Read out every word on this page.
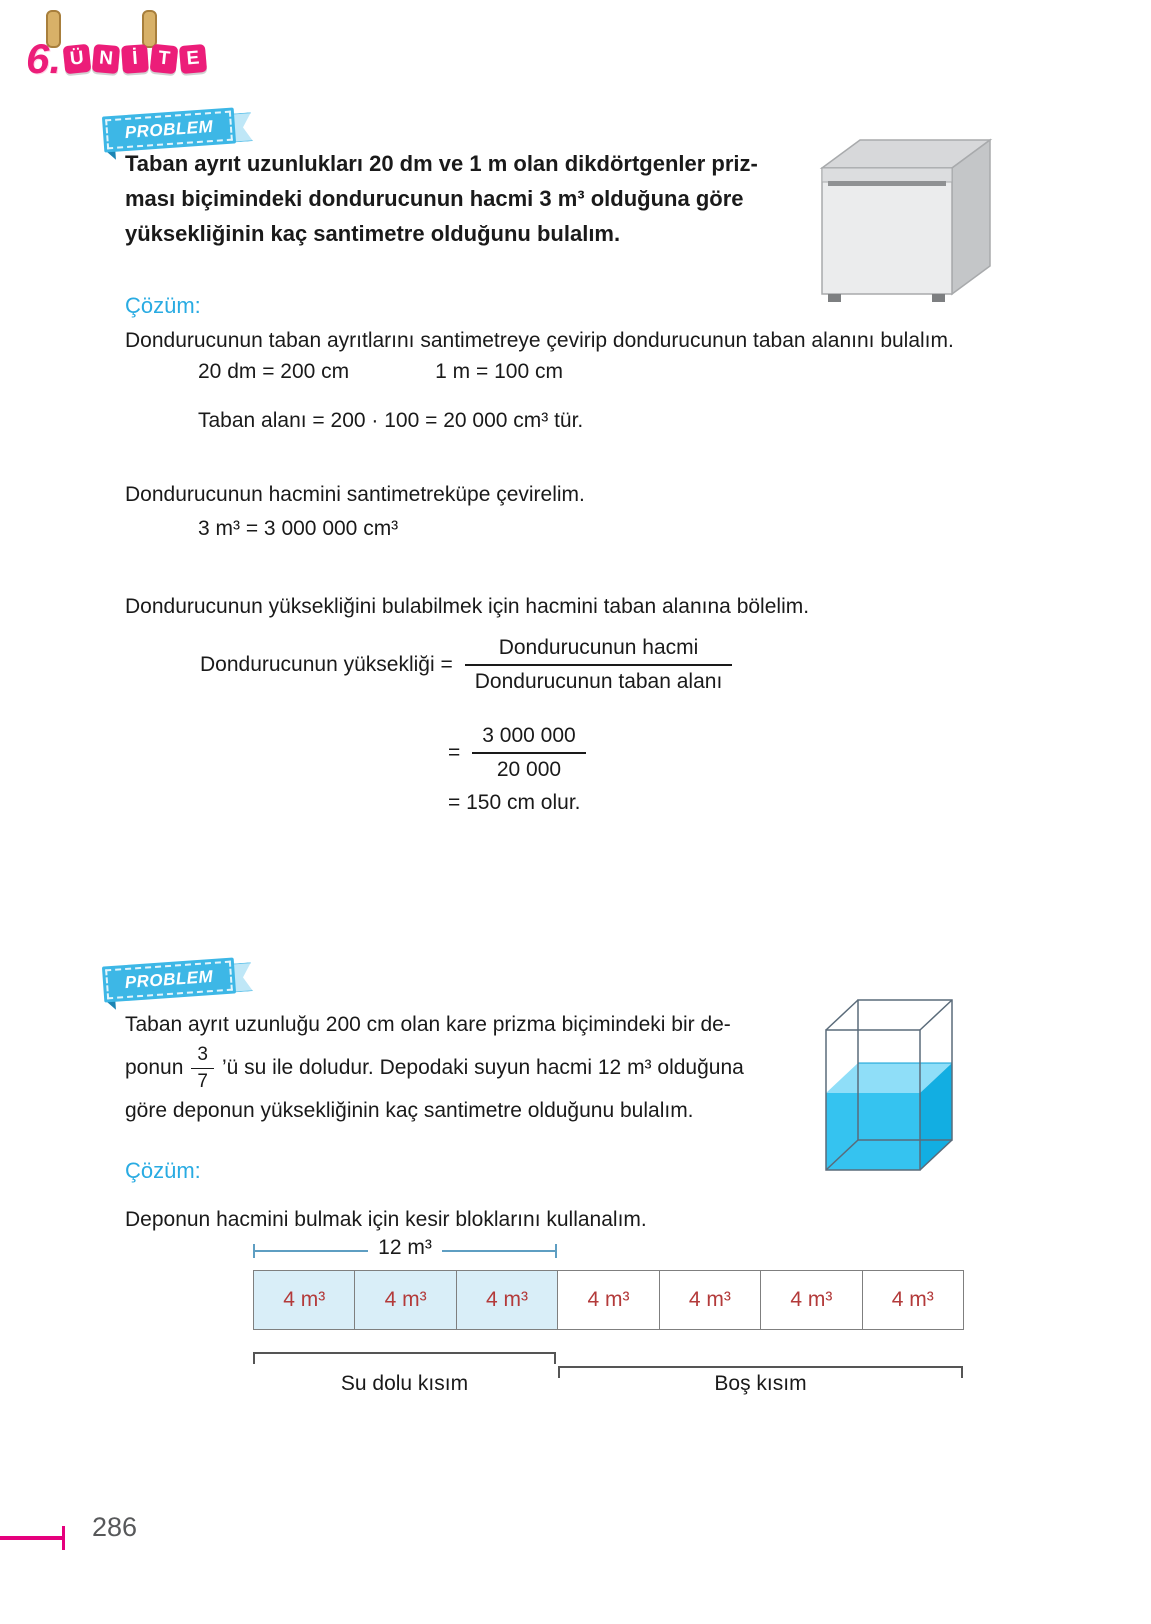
6. Ü N İ T E
PROBLEM
Taban ayrıt uzunlukları 20 dm ve 1 m olan dikdörtgenler priz-
ması biçimindeki dondurucunun hacmi 3 m³ olduğuna göre
yüksekliğinin kaç santimetre olduğunu bulalım.
Çözüm:
Dondurucunun taban ayrıtlarını santimetreye çevirip dondurucunun taban alanını bulalım.
20 dm = 200 cm	1 m = 100 cm
Taban alanı = 200 · 100 = 20 000 cm³ tür.
Dondurucunun hacmini santimetreküpe çevirelim.
3 m³ = 3 000 000 cm³
Dondurucunun yüksekliğini bulabilmek için hacmini taban alanına bölelim.
Dondurucunun yüksekliği = $\frac{\text{Dondurucunun hacmi}}{\text{Dondurucunun taban alanı}}$
= $\frac{3 000 000}{20 000}$
= 150 cm olur.
PROBLEM
Taban ayrıt uzunluğu 200 cm olan kare prizma biçimindeki bir de-
ponun $\frac{3}{7}$ ’ü su ile doludur. Depodaki suyun hacmi 12 m³ olduğuna
göre deponun yüksekliğinin kaç santimetre olduğunu bulalım.
Çözüm:
Deponun hacmini bulmak için kesir bloklarını kullanalım.
12 m³
4 m³	4 m³	4 m³	4 m³	4 m³	4 m³	4 m³
Su dolu kısım	Boş kısım
286
